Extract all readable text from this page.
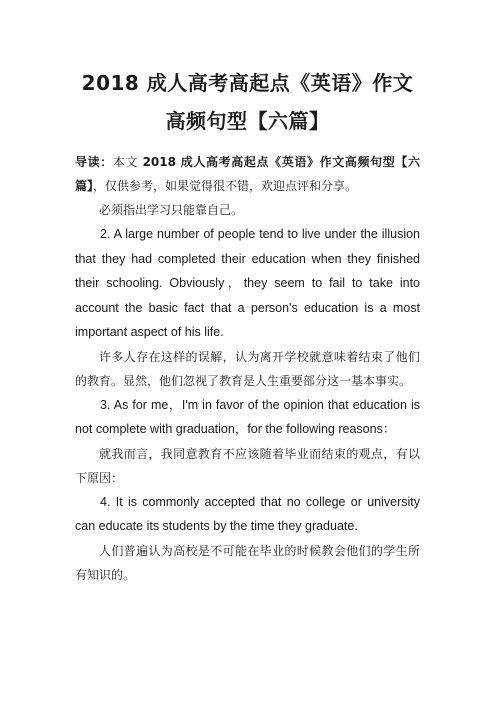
2018 成人高考高起点《英语》作文高频句型【六篇】

导读：本文 2018 成人高考高起点《英语》作文高频句型【六篇】，仅供参考，如果觉得很不错，欢迎点评和分享。

必须指出学习只能靠自己。

2. A large number of people tend to live under the illusion that they had completed their education when they finished their schooling. Obviously，they seem to fail to take into account the basic fact that a person's education is a most important aspect of his life.

许多人存在这样的误解，认为离开学校就意味着结束了他们的教育。显然，他们忽视了教育是人生重要部分这一基本事实。

3. As for me，I'm in favor of the opinion that education is not complete with graduation，for the following reasons：

就我而言，我同意教育不应该随着毕业而结束的观点，有以下原因：

4. It is commonly accepted that no college or university can educate its students by the time they graduate.

人们普遍认为高校是不可能在毕业的时候教会他们的学生所有知识的。
